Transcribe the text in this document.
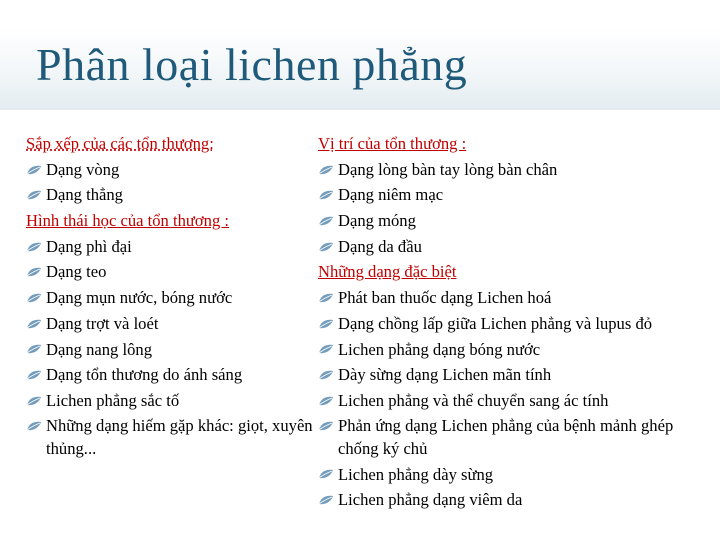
Phân loại lichen phẳng
Sắp xếp của các tổn thương:
Dạng vòng
Dạng thẳng
Hình thái học của tổn thương :
Dạng phì đại
Dạng teo
Dạng mụn nước, bóng nước
Dạng trợt và loét
Dạng nang lông
Dạng tổn thương do ánh sáng
Lichen phẳng sắc tố
Những dạng hiếm gặp khác: giọt, xuyên thủng...
Vị trí của tổn thương :
Dạng lòng bàn tay lòng bàn chân
Dạng niêm mạc
Dạng móng
Dạng da đầu
Những dạng đặc biệt
Phát ban thuốc dạng Lichen hoá
Dạng chồng lấp giữa Lichen phẳng và lupus đỏ
Lichen phẳng dạng bóng nước
Dày sừng dạng Lichen mãn tính
Lichen phẳng và thể chuyển sang ác tính
Phản ứng dạng Lichen phẳng của bệnh mảnh ghép chống ký chủ
Lichen phẳng dày sừng
Lichen phẳng dạng viêm da
